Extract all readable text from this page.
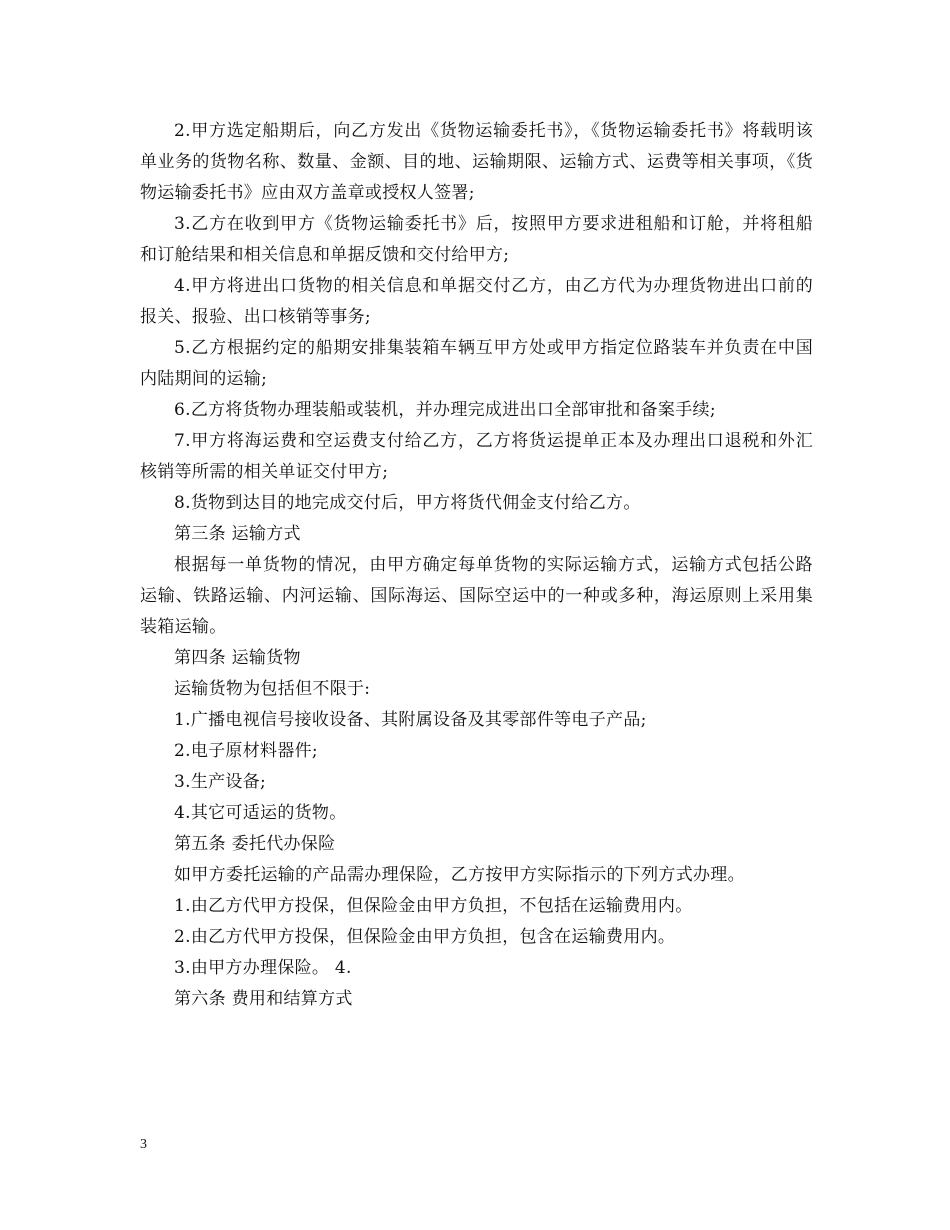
2.甲方选定船期后，向乙方发出《货物运输委托书》，《货物运输委托书》将载明该单业务的货物名称、数量、金额、目的地、运输期限、运输方式、运费等相关事项，《货物运输委托书》应由双方盖章或授权人签署;

3.乙方在收到甲方《货物运输委托书》后，按照甲方要求进租船和订舱，并将租船和订舱结果和相关信息和单据反馈和交付给甲方;

4.甲方将进出口货物的相关信息和单据交付乙方，由乙方代为办理货物进出口前的报关、报验、出口核销等事务;

5.乙方根据约定的船期安排集装箱车辆互甲方处或甲方指定位路装车并负责在中国内陆期间的运输;

6.乙方将货物办理装船或装机，并办理完成进出口全部审批和备案手续;

7.甲方将海运费和空运费支付给乙方，乙方将货运提单正本及办理出口退税和外汇核销等所需的相关单证交付甲方;

8.货物到达目的地完成交付后，甲方将货代佣金支付给乙方。

第三条 运输方式

根据每一单货物的情况，由甲方确定每单货物的实际运输方式，运输方式包括公路运输、铁路运输、内河运输、国际海运、国际空运中的一种或多种，海运原则上采用集装箱运输。

第四条 运输货物

运输货物为包括但不限于:

1.广播电视信号接收设备、其附属设备及其零部件等电子产品;

2.电子原材料器件;

3.生产设备;

4.其它可适运的货物。

第五条 委托代办保险

如甲方委托运输的产品需办理保险，乙方按甲方实际指示的下列方式办理。

1.由乙方代甲方投保，但保险金由甲方负担，不包括在运输费用内。

2.由乙方代甲方投保，但保险金由甲方负担，包含在运输费用内。

3.由甲方办理保险。 4.

第六条 费用和结算方式

3
